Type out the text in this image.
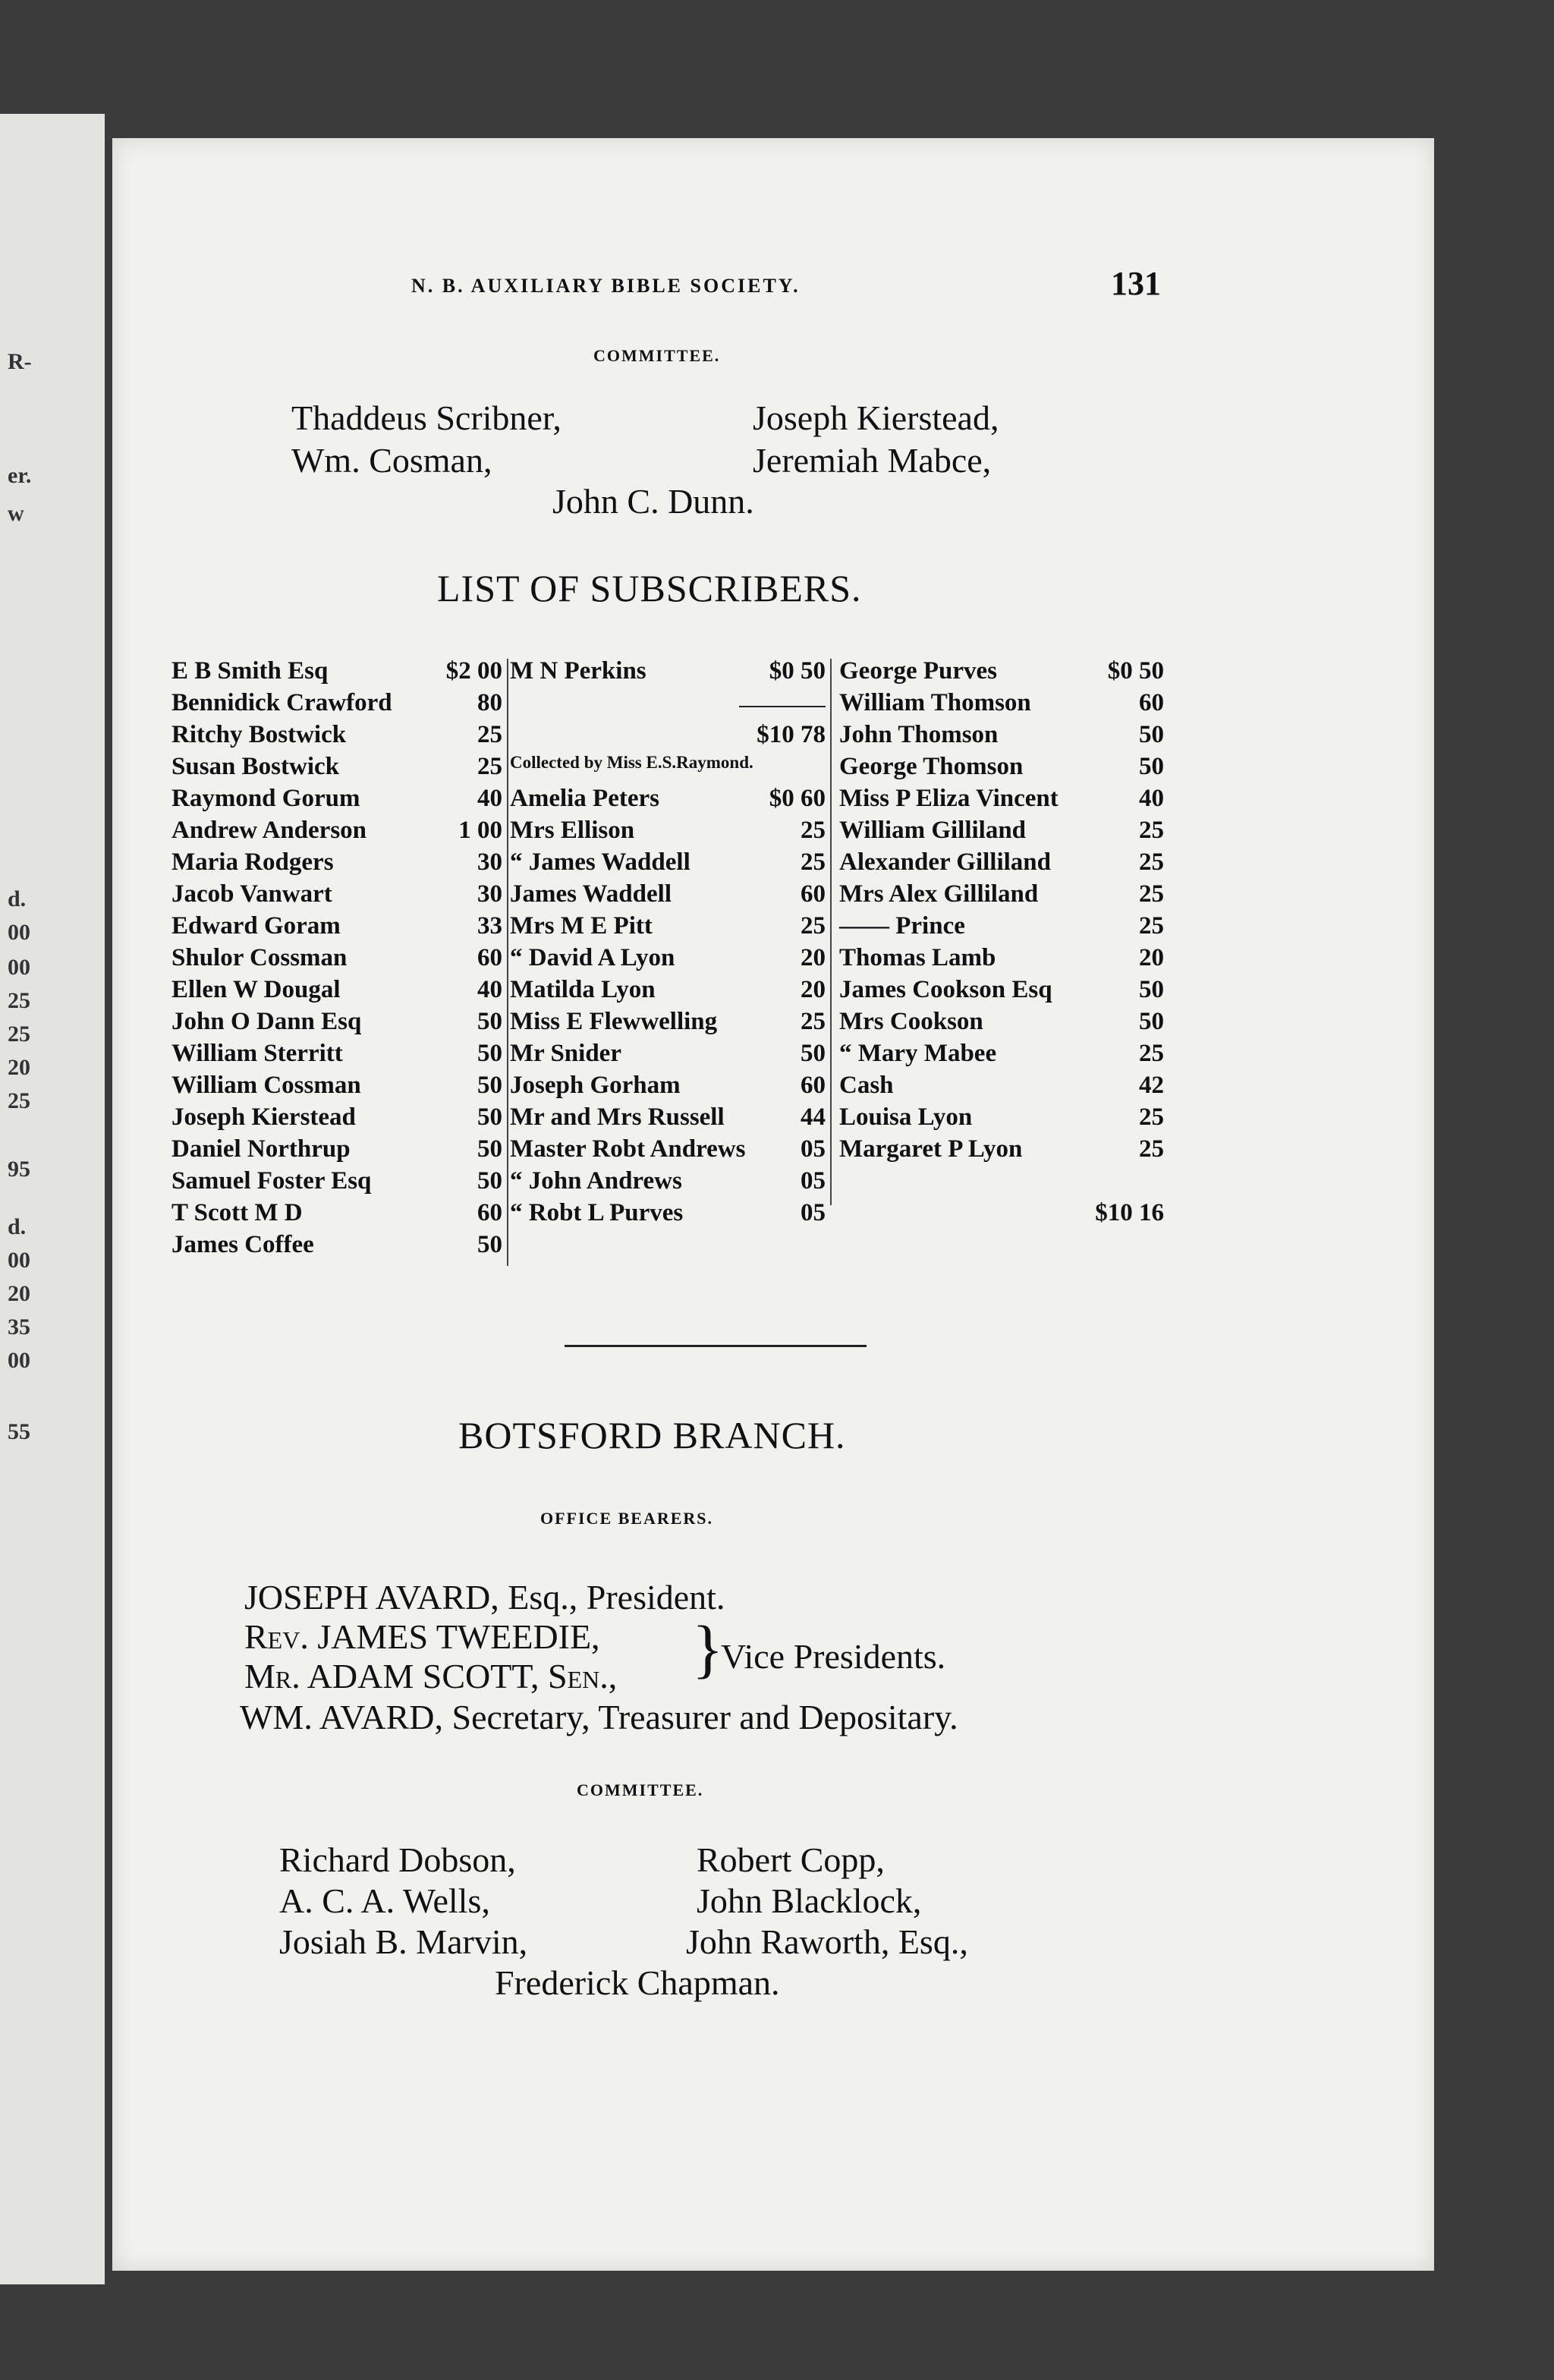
R-
er.
w
d.
00
00
25
25
20
25
95
d.
00
20
35
00
55
N. B. AUXILIARY BIBLE SOCIETY.	131
COMMITTEE.
Thaddeus Scribner,
Wm. Cosman,
Joseph Kierstead,
Jeremiah Mabce,
John C. Dunn.
LIST OF SUBSCRIBERS.
E B Smith Esq	$2 00
Bennidick Crawford	80
Ritchy Bostwick	25
Susan Bostwick	25
Raymond Gorum	40
Andrew Anderson	1 00
Maria Rodgers	30
Jacob Vanwart	30
Edward Goram	33
Shulor Cossman	60
Ellen W Dougal	40
John O Dann Esq	50
William Sterritt	50
William Cossman	50
Joseph Kierstead	50
Daniel Northrup	50
Samuel Foster Esq	50
T Scott M D	60
James Coffee	50
M N Perkins	$0 50
$10 78
Collected by Miss E.S.Raymond.
Amelia Peters	$0 60
Mrs Ellison	25
“ James Waddell	25
James Waddell	60
Mrs M E Pitt	25
“ David A Lyon	20
Matilda Lyon	20
Miss E Flewwelling	25
Mr Snider	50
Joseph Gorham	60
Mr and Mrs Russell	44
Master Robt Andrews 05
“ John Andrews	05
“ Robt L Purves	05
George Purves	$0 50
William Thomson	60
John Thomson	50
George Thomson	50
Miss P Eliza Vincent	40
William Gilliland	25
Alexander Gilliland	25
Mrs Alex Gilliland	25
—— Prince	25
Thomas Lamb	20
James Cookson Esq	50
Mrs Cookson	50
“ Mary Mabee	25
Cash	42
Louisa Lyon	25
Margaret P Lyon	25
$10 16
BOTSFORD BRANCH.
OFFICE BEARERS.
JOSEPH AVARD, Esq., President.
Rev. JAMES TWEEDIE,
Mr. ADAM SCOTT, Sen., }
Vice Presidents.
WM. AVARD, Secretary, Treasurer and Depositary.
COMMITTEE.
Richard Dobson,
A. C. A. Wells,
Josiah B. Marvin,
Robert Copp,
John Blacklock,
John Raworth, Esq.,
Frederick Chapman.
